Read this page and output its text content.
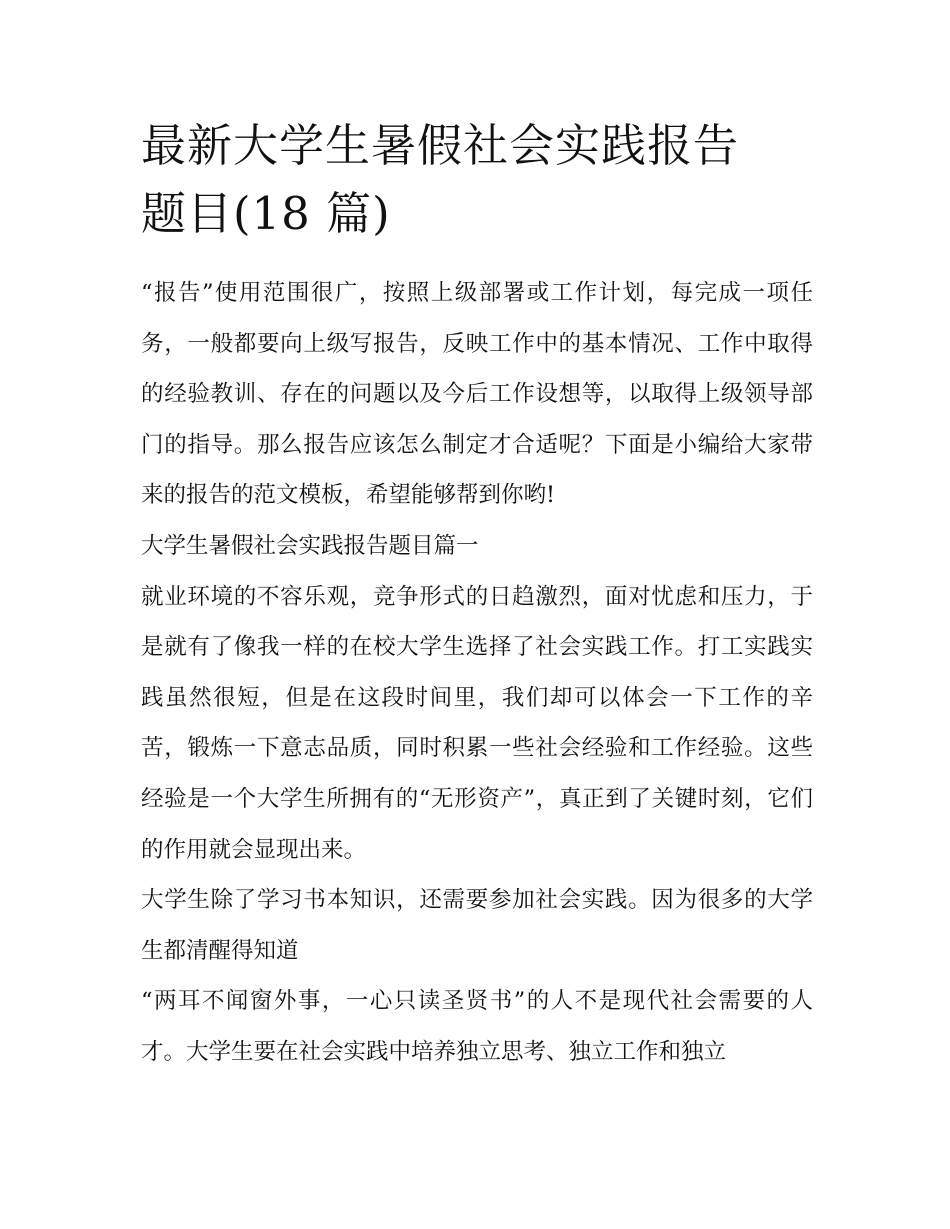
最新大学生暑假社会实践报告
题目(18 篇)

“报告”使用范围很广，按照上级部署或工作计划，每完成一项任务，一般都要向上级写报告，反映工作中的基本情况、工作中取得的经验教训、存在的问题以及今后工作设想等，以取得上级领导部门的指导。那么报告应该怎么制定才合适呢？下面是小编给大家带来的报告的范文模板，希望能够帮到你哟!

大学生暑假社会实践报告题目篇一

就业环境的不容乐观，竞争形式的日趋激烈，面对忧虑和压力，于是就有了像我一样的在校大学生选择了社会实践工作。打工实践实践虽然很短，但是在这段时间里，我们却可以体会一下工作的辛苦，锻炼一下意志品质，同时积累一些社会经验和工作经验。这些经验是一个大学生所拥有的“无形资产”，真正到了关键时刻，它们的作用就会显现出来。

大学生除了学习书本知识，还需要参加社会实践。因为很多的大学生都清醒得知道

“两耳不闻窗外事，一心只读圣贤书”的人不是现代社会需要的人才。大学生要在社会实践中培养独立思考、独立工作和独立
